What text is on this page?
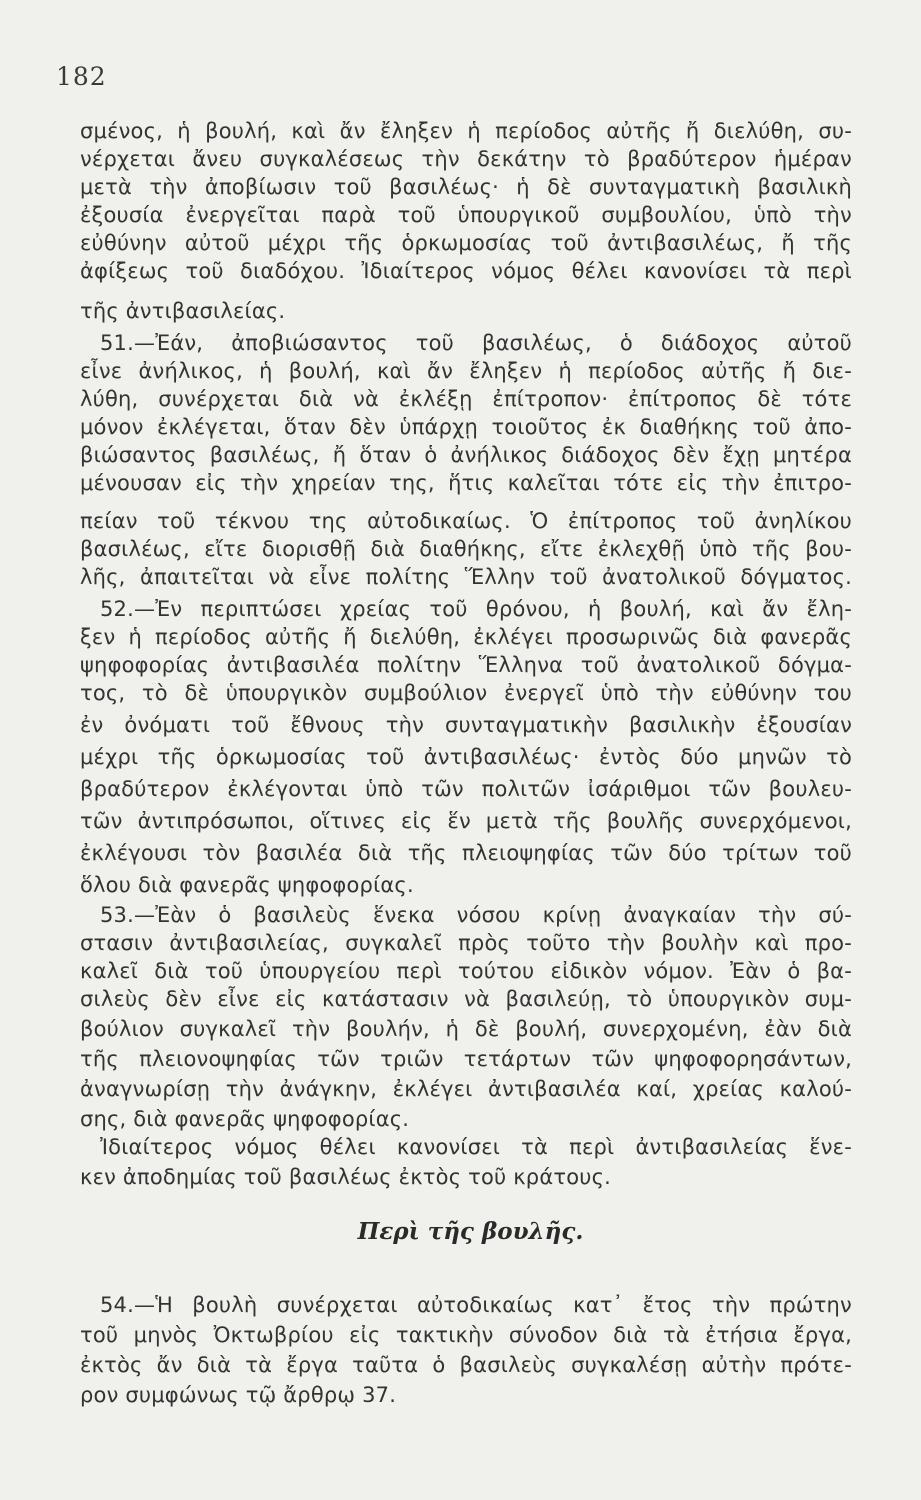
182
σμένος, ἡ βουλή, καὶ ἄν ἔληξεν ἡ περίοδος αὐτῆς ἤ διελύθη, συ-
νέρχεται ἄνευ συγκαλέσεως τὴν δεκάτην τὸ βραδύτερον ἡμέραν
μετὰ τὴν ἀποβίωσιν τοῦ βασιλέως· ἡ δὲ συνταγματικὴ βασιλικὴ
ἐξουσία ἐνεργεῖται παρὰ τοῦ ὑπουργικοῦ συμβουλίου, ὑπὸ τὴν
εὐθύνην αὐτοῦ μέχρι τῆς ὁρκωμοσίας τοῦ ἀντιβασιλέως, ἤ τῆς
ἀφίξεως τοῦ διαδόχου. Ἰδιαίτερος νόμος θέλει κανονίσει τὰ περὶ
τῆς ἀντιβασιλείας.
51.—Ἐάν, ἀποβιώσαντος τοῦ βασιλέως, ὁ διάδοχος αὐτοῦ
εἶνε ἀνήλικος, ἡ βουλή, καὶ ἄν ἔληξεν ἡ περίοδος αὐτῆς ἤ διε-
λύθη, συνέρχεται διὰ νὰ ἐκλέξῃ ἐπίτροπον· ἐπίτροπος δὲ τότε
μόνον ἐκλέγεται, ὅταν δὲν ὑπάρχῃ τοιοῦτος ἐκ διαθήκης τοῦ ἀπο-
βιώσαντος βασιλέως, ἤ ὅταν ὁ ἀνήλικος διάδοχος δὲν ἔχῃ μητέρα
μένουσαν εἰς τὴν χηρείαν της, ἥτις καλεῖται τότε εἰς τὴν ἐπιτρο-
πείαν τοῦ τέκνου της αὐτοδικαίως. Ὁ ἐπίτροπος τοῦ ἀνηλίκου
βασιλέως, εἴτε διορισθῇ διὰ διαθήκης, εἴτε ἐκλεχθῇ ὑπὸ τῆς βου-
λῆς, ἀπαιτεῖται νὰ εἶνε πολίτης Ἕλλην τοῦ ἀνατολικοῦ δόγματος.
52.—Ἐν περιπτώσει χρείας τοῦ θρόνου, ἡ βουλή, καὶ ἄν ἔλη-
ξεν ἡ περίοδος αὐτῆς ἤ διελύθη, ἐκλέγει προσωρινῶς διὰ φανερᾶς
ψηφοφορίας ἀντιβασιλέα πολίτην Ἕλληνα τοῦ ἀνατολικοῦ δόγμα-
τος, τὸ δὲ ὑπουργικὸν συμβούλιον ἐνεργεῖ ὑπὸ τὴν εὐθύνην του
ἐν ὀνόματι τοῦ ἔθνους τὴν συνταγματικὴν βασιλικὴν ἐξουσίαν
μέχρι τῆς ὁρκωμοσίας τοῦ ἀντιβασιλέως· ἐντὸς δύο μηνῶν τὸ
βραδύτερον ἐκλέγονται ὑπὸ τῶν πολιτῶν ἰσάριθμοι τῶν βουλευ-
τῶν ἀντιπρόσωποι, οἵτινες εἰς ἕν μετὰ τῆς βουλῆς συνερχόμενοι,
ἐκλέγουσι τὸν βασιλέα διὰ τῆς πλειοψηφίας τῶν δύο τρίτων τοῦ
ὅλου διὰ φανερᾶς ψηφοφορίας.
53.—Ἐὰν ὁ βασιλεὺς ἕνεκα νόσου κρίνῃ ἀναγκαίαν τὴν σύ-
στασιν ἀντιβασιλείας, συγκαλεῖ πρὸς τοῦτο τὴν βουλὴν καὶ προ-
καλεῖ διὰ τοῦ ὑπουργείου περὶ τούτου εἰδικὸν νόμον. Ἐὰν ὁ βα-
σιλεὺς δὲν εἶνε εἰς κατάστασιν νὰ βασιλεύῃ, τὸ ὑπουργικὸν συμ-
βούλιον συγκαλεῖ τὴν βουλήν, ἡ δὲ βουλή, συνερχομένη, ἐὰν διὰ
τῆς πλειονοψηφίας τῶν τριῶν τετάρτων τῶν ψηφοφορησάντων,
ἀναγνωρίσῃ τὴν ἀνάγκην, ἐκλέγει ἀντιβασιλέα καί, χρείας καλού-
σης, διὰ φανερᾶς ψηφοφορίας.
Ἰδιαίτερος νόμος θέλει κανονίσει τὰ περὶ ἀντιβασιλείας ἕνε-
κεν ἀποδημίας τοῦ βασιλέως ἐκτὸς τοῦ κράτους.
Περὶ τῆς βουλῆς.
54.—Ἡ βουλὴ συνέρχεται αὐτοδικαίως κατ᾽ ἔτος τὴν πρώτην
τοῦ μηνὸς Ὀκτωβρίου εἰς τακτικὴν σύνοδον διὰ τὰ ἐτήσια ἔργα,
ἐκτὸς ἄν διὰ τὰ ἔργα ταῦτα ὁ βασιλεὺς συγκαλέσῃ αὐτὴν πρότε-
ρον συμφώνως τῷ ἄρθρῳ 37.
